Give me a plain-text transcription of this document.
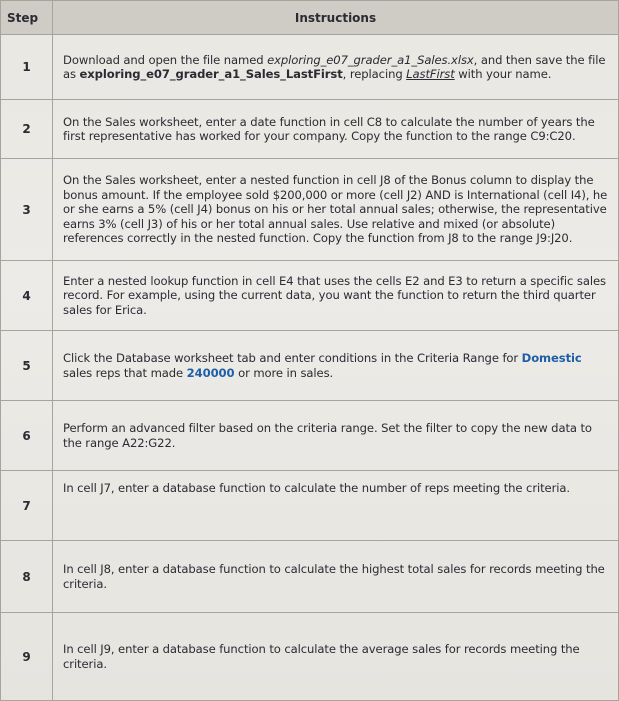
Step	Instructions
1	Download and open the file named exploring_e07_grader_a1_Sales.xlsx, and then save the file as exploring_e07_grader_a1_Sales_LastFirst, replacing LastFirst with your name.
2	On the Sales worksheet, enter a date function in cell C8 to calculate the number of years the first representative has worked for your company. Copy the function to the range C9:C20.
3	On the Sales worksheet, enter a nested function in cell J8 of the Bonus column to display the bonus amount. If the employee sold $200,000 or more (cell J2) AND is International (cell I4), he or she earns a 5% (cell J4) bonus on his or her total annual sales; otherwise, the representative earns 3% (cell J3) of his or her total annual sales. Use relative and mixed (or absolute) references correctly in the nested function. Copy the function from J8 to the range J9:J20.
4	Enter a nested lookup function in cell E4 that uses the cells E2 and E3 to return a specific sales record. For example, using the current data, you want the function to return the third quarter sales for Erica.
5	Click the Database worksheet tab and enter conditions in the Criteria Range for Domestic sales reps that made 240000 or more in sales.
6	Perform an advanced filter based on the criteria range. Set the filter to copy the new data to the range A22:G22.
7	In cell J7, enter a database function to calculate the number of reps meeting the criteria.
8	In cell J8, enter a database function to calculate the highest total sales for records meeting the criteria.
9	In cell J9, enter a database function to calculate the average sales for records meeting the criteria.
